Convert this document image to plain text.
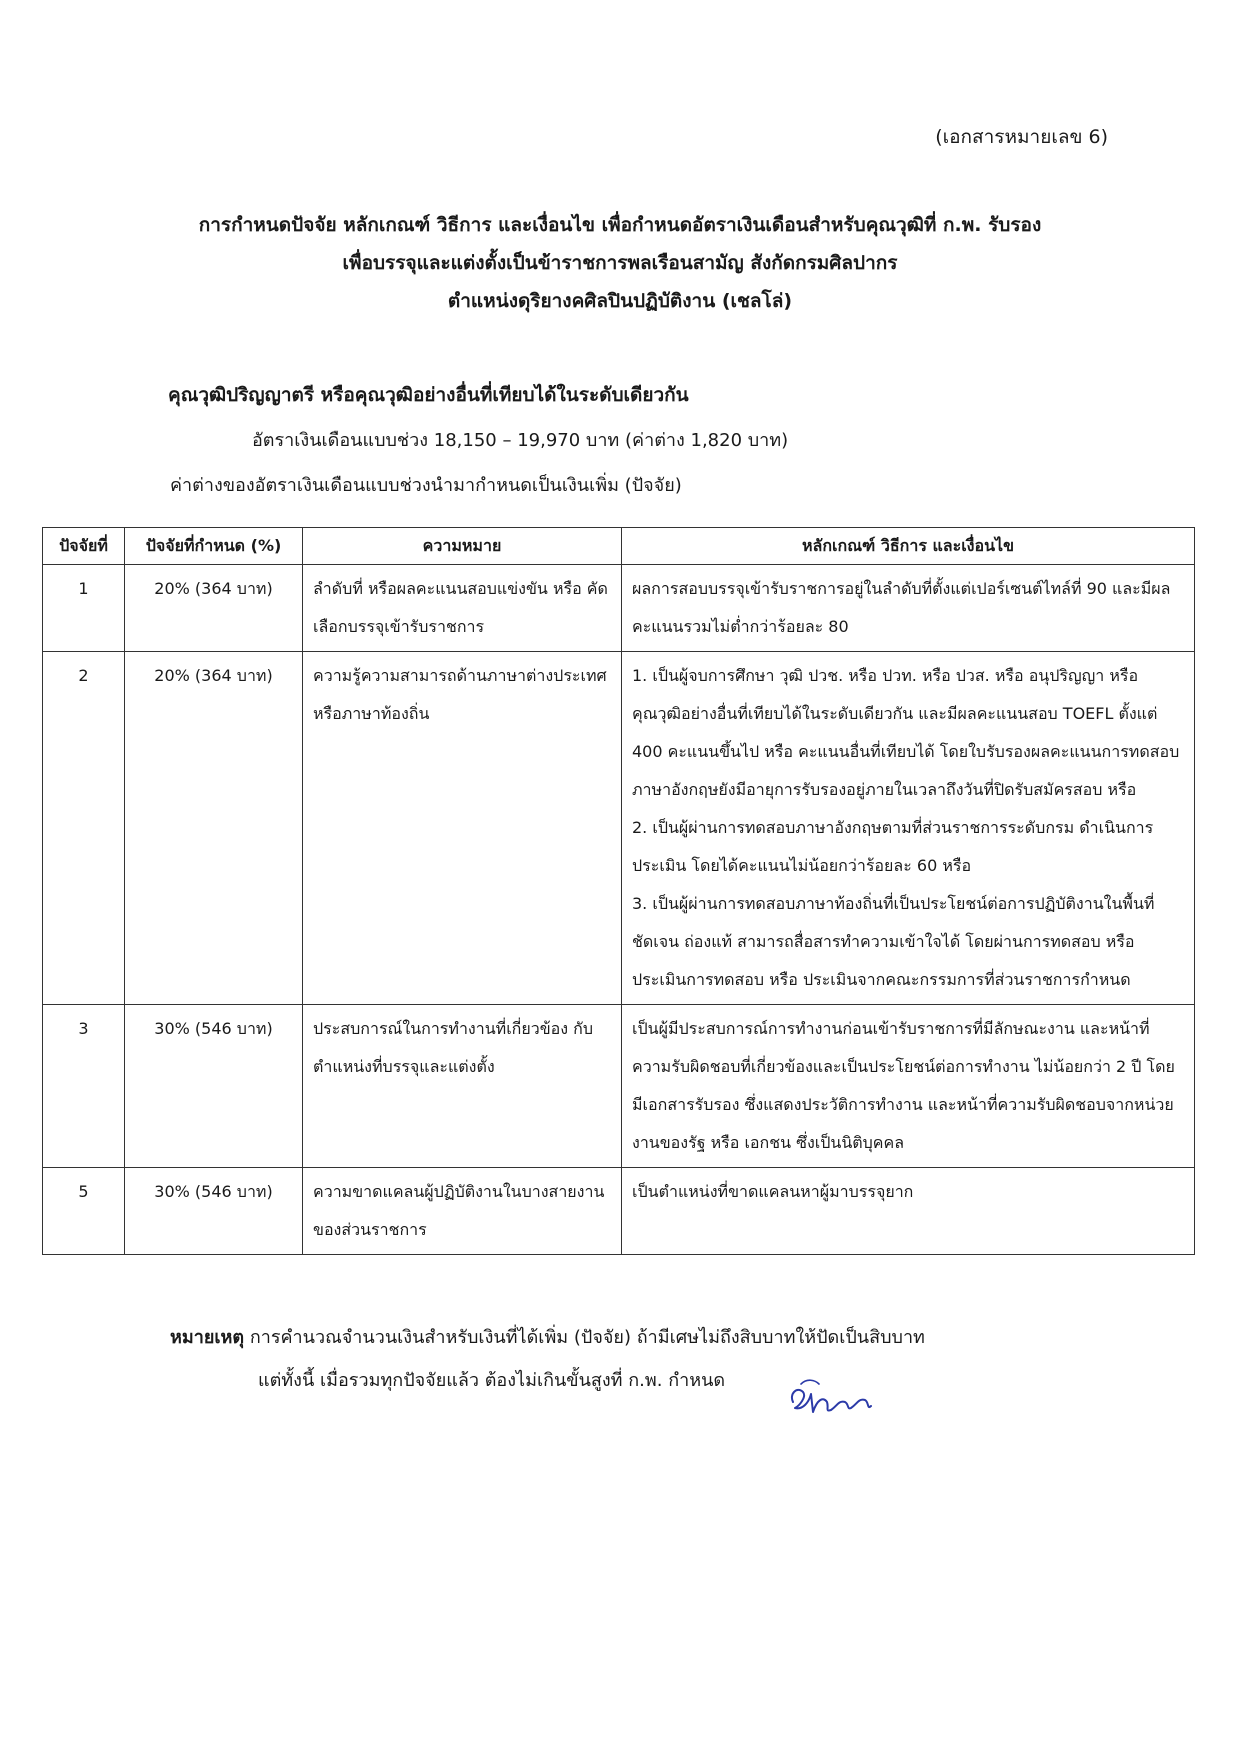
(เอกสารหมายเลข 6)
การกำหนดปัจจัย หลักเกณฑ์ วิธีการ และเงื่อนไข เพื่อกำหนดอัตราเงินเดือนสำหรับคุณวุฒิที่ ก.พ. รับรอง
เพื่อบรรจุและแต่งตั้งเป็นข้าราชการพลเรือนสามัญ สังกัดกรมศิลปากร
ตำแหน่งดุริยางคศิลปินปฏิบัติงาน (เชลโล่)
คุณวุฒิปริญญาตรี หรือคุณวุฒิอย่างอื่นที่เทียบได้ในระดับเดียวกัน
อัตราเงินเดือนแบบช่วง 18,150 – 19,970 บาท (ค่าต่าง 1,820 บาท)
ค่าต่างของอัตราเงินเดือนแบบช่วงนำมากำหนดเป็นเงินเพิ่ม (ปัจจัย)
ปัจจัยที่	ปัจจัยที่กำหนด (%)	ความหมาย	หลักเกณฑ์ วิธีการ และเงื่อนไข
1	20% (364 บาท)	ลำดับที่ หรือผลคะแนนสอบแข่งขัน หรือ คัดเลือกบรรจุเข้ารับราชการ	ผลการสอบบรรจุเข้ารับราชการอยู่ในลำดับที่ตั้งแต่เปอร์เซนต์ไทล์ที่ 90 และมีผลคะแนนรวมไม่ต่ำกว่าร้อยละ 80

2	20% (364 บาท)	ความรู้ความสามารถด้านภาษาต่างประเทศ หรือภาษาท้องถิ่น	1. เป็นผู้จบการศึกษา วุฒิ ปวช. หรือ ปวท. หรือ ปวส. หรือ อนุปริญญา หรือ คุณวุฒิอย่างอื่นที่เทียบได้ในระดับเดียวกัน และมีผลคะแนนสอบ TOEFL ตั้งแต่ 400 คะแนนขึ้นไป หรือ คะแนนอื่นที่เทียบได้ โดยใบรับรองผลคะแนนการทดสอบภาษาอังกฤษยังมีอายุการรับรองอยู่ภายในเวลาถึงวันที่ปิดรับสมัครสอบ หรือ
2. เป็นผู้ผ่านการทดสอบภาษาอังกฤษตามที่ส่วนราชการระดับกรม ดำเนินการประเมิน โดยได้คะแนนไม่น้อยกว่าร้อยละ 60 หรือ
3. เป็นผู้ผ่านการทดสอบภาษาท้องถิ่นที่เป็นประโยชน์ต่อการปฏิบัติงานในพื้นที่ชัดเจน ถ่องแท้ สามารถสื่อสารทำความเข้าใจได้ โดยผ่านการทดสอบ หรือ ประเมินการทดสอบ หรือ ประเมินจากคณะกรรมการที่ส่วนราชการกำหนด

3	30% (546 บาท)	ประสบการณ์ในการทำงานที่เกี่ยวข้อง กับตำแหน่งที่บรรจุและแต่งตั้ง	เป็นผู้มีประสบการณ์การทำงานก่อนเข้ารับราชการที่มีลักษณะงาน และหน้าที่ความรับผิดชอบที่เกี่ยวข้องและเป็นประโยชน์ต่อการทำงาน ไม่น้อยกว่า 2 ปี โดยมีเอกสารรับรอง ซึ่งแสดงประวัติการทำงาน และหน้าที่ความรับผิดชอบจากหน่วยงานของรัฐ หรือ เอกชน ซึ่งเป็นนิติบุคคล

5	30% (546 บาท)	ความขาดแคลนผู้ปฏิบัติงานในบางสายงาน ของส่วนราชการ	เป็นตำแหน่งที่ขาดแคลนหาผู้มาบรรจุยาก
หมายเหตุ การคำนวณจำนวนเงินสำหรับเงินที่ได้เพิ่ม (ปัจจัย) ถ้ามีเศษไม่ถึงสิบบาทให้ปัดเป็นสิบบาท
แต่ทั้งนี้ เมื่อรวมทุกปัจจัยแล้ว ต้องไม่เกินขั้นสูงที่ ก.พ. กำหนด
